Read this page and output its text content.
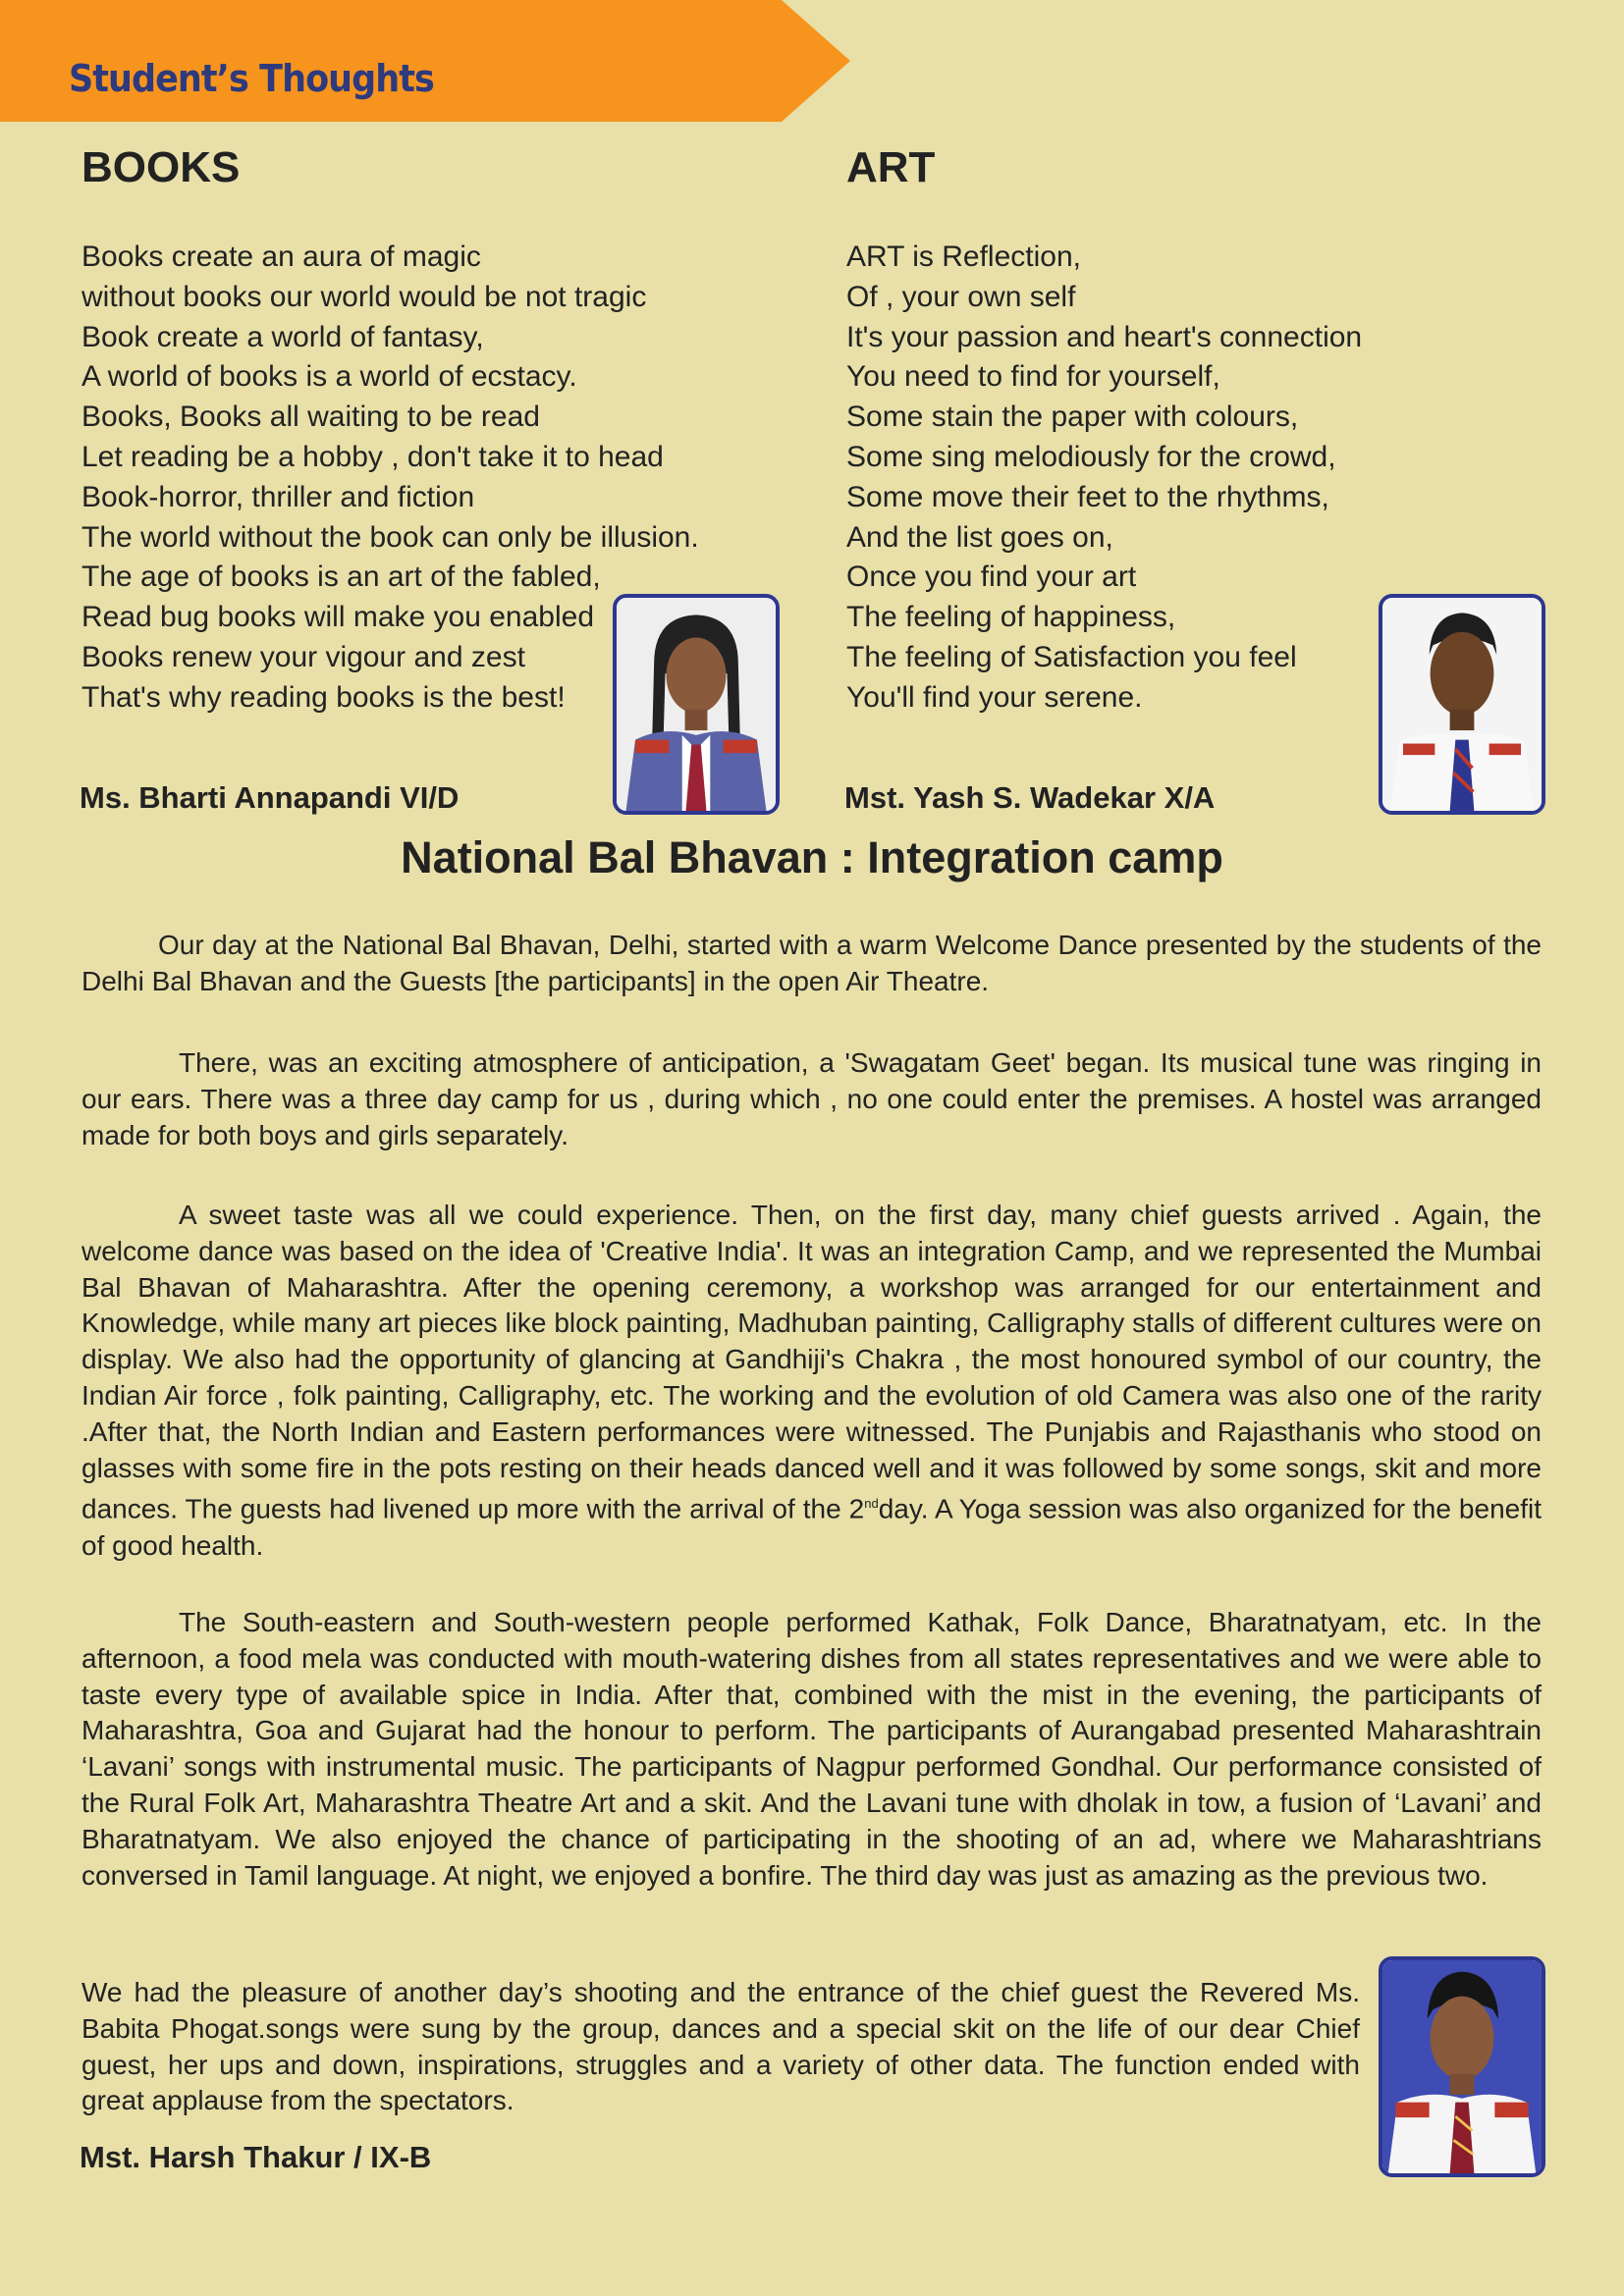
Student’s Thoughts
BOOKS
Books create an aura of magic
without books our world would be not tragic
Book create a world of fantasy,
A world of books is a world of ecstacy.
Books, Books all waiting to be read
Let reading be a hobby , don't take it to head
Book-horror, thriller and fiction
The world without the book can only be illusion.
The age of books is an art of the fabled,
Read bug books will make you enabled
Books renew your vigour and zest
That's why reading books is the best!
Ms. Bharti Annapandi VI/D
ART
ART is Reflection,
Of , your own self
It's your passion and heart's connection
You need to find for yourself,
Some stain the paper with colours,
Some sing melodiously for the crowd,
Some move their feet to the rhythms,
And the list goes on,
Once you find your art
The feeling of happiness,
The feeling of Satisfaction you feel
You'll find your serene.
Mst. Yash S. Wadekar X/A
National Bal Bhavan : Integration camp

Our day at the National Bal Bhavan, Delhi, started with a warm Welcome Dance presented by the students of the Delhi Bal Bhavan and the Guests [the participants] in the open Air Theatre.

There, was an exciting atmosphere of anticipation, a 'Swagatam Geet' began. Its musical tune was ringing in our ears. There was a three day camp for us , during which , no one could enter the premises. A hostel was arranged made for both boys and girls separately.

A sweet taste was all we could experience. Then, on the first day, many chief guests arrived . Again, the welcome dance was based on the idea of 'Creative India'. It was an integration Camp, and we represented the Mumbai Bal Bhavan of Maharashtra. After the opening ceremony, a workshop was arranged for our entertainment and Knowledge, while many art pieces like block painting, Madhuban painting, Calligraphy stalls of different cultures were on display. We also had the opportunity of glancing at Gandhiji's Chakra , the most honoured symbol of our country, the Indian Air force , folk painting, Calligraphy, etc. The working and the evolution of old Camera was also one of the rarity .After that, the North Indian and Eastern performances were witnessed. The Punjabis and Rajasthanis who stood on glasses with some fire in the pots resting on their heads danced well and it was followed by some songs, skit and more dances. The guests had livened up more with the arrival of the 2ndday. A Yoga session was also organized for the benefit of good health.

The South-eastern and South-western people performed Kathak, Folk Dance, Bharatnatyam, etc. In the afternoon, a food mela was conducted with mouth-watering dishes from all states representatives and we were able to taste every type of available spice in India. After that, combined with the mist in the evening, the participants of Maharashtra, Goa and Gujarat had the honour to perform. The participants of Aurangabad presented Maharashtrain ‘Lavani’ songs with instrumental music. The participants of Nagpur performed Gondhal. Our performance consisted of the Rural Folk Art, Maharashtra Theatre Art and a skit. And the Lavani tune with dholak in tow, a fusion of ‘Lavani’ and Bharatnatyam. We also enjoyed the chance of participating in the shooting of an ad, where we Maharashtrians conversed in Tamil language. At night, we enjoyed a bonfire. The third day was just as amazing as the previous two.

We had the pleasure of another day’s shooting and the entrance of the chief guest the Revered Ms. Babita Phogat.songs were sung by the group, dances and a special skit on the life of our dear Chief guest, her ups and down, inspirations, struggles and a variety of other data. The function ended with great applause from the spectators.

Mst. Harsh Thakur / IX-B
